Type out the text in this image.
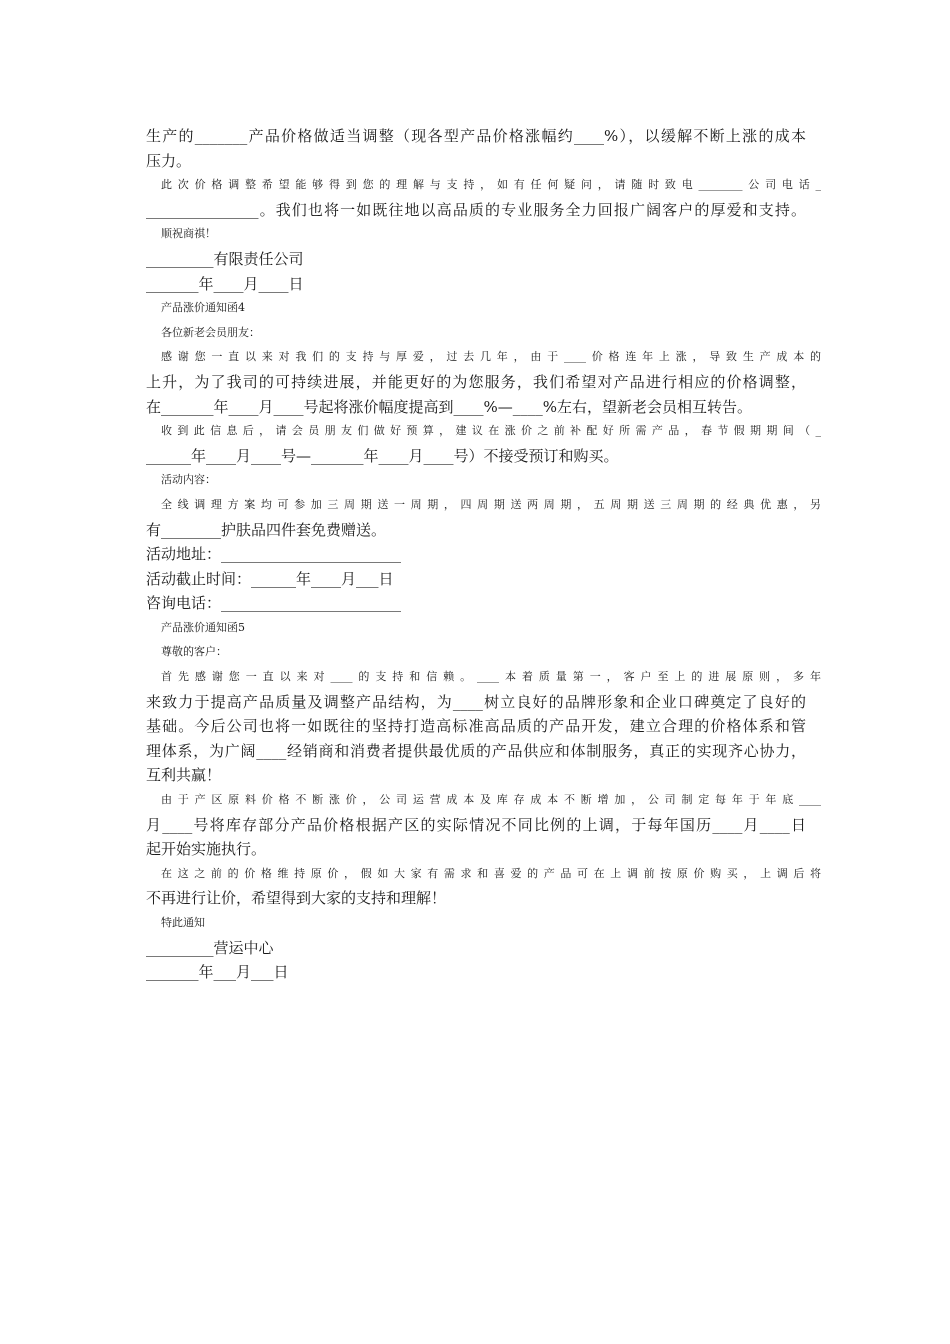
生产的_______产品价格做适当调整（现各型产品价格涨幅约____%），以缓解不断上涨的成本
压力。
此次价格调整希望能够得到您的理解与支持，如有任何疑问，请随时致电________公司电话_
_______________。我们也将一如既往地以高品质的专业服务全力回报广阔客户的厚爱和支持。
顺祝商祺！
_________有限责任公司
_______年____月____日
产品涨价通知函4
各位新老会员朋友：
感谢您一直以来对我们的支持与厚爱，过去几年，由于____价格连年上涨，导致生产成本的
上升，为了我司的可持续进展，并能更好的为您服务，我们希望对产品进行相应的价格调整，
在_______年____月____号起将涨价幅度提高到____%—____%左右，望新老会员相互转告。
收到此信息后，请会员朋友们做好预算，建议在涨价之前补配好所需产品，春节假期期间（_
______年____月____号—_______年____月____号）不接受预订和购买。
活动内容：
全线调理方案均可参加三周期送一周期，四周期送两周期，五周期送三周期的经典优惠，另
有________护肤品四件套免费赠送。
活动地址：________________________
活动截止时间：______年____月___日
咨询电话：________________________
产品涨价通知函5
尊敬的客户：
首先感谢您一直以来对____的支持和信赖。____本着质量第一，客户至上的进展原则，多年
来致力于提高产品质量及调整产品结构，为____树立良好的品牌形象和企业口碑奠定了良好的
基础。今后公司也将一如既往的坚持打造高标准高品质的产品开发，建立合理的价格体系和管
理体系，为广阔____经销商和消费者提供最优质的产品供应和体制服务，真正的实现齐心协力，
互利共赢！
由于产区原料价格不断涨价，公司运营成本及库存成本不断增加，公司制定每年于年底____
月____号将库存部分产品价格根据产区的实际情况不同比例的上调，于每年国历____月____日
起开始实施执行。
在这之前的价格维持原价，假如大家有需求和喜爱的产品可在上调前按原价购买，上调后将
不再进行让价，希望得到大家的支持和理解！
特此通知
_________营运中心
_______年___月___日
